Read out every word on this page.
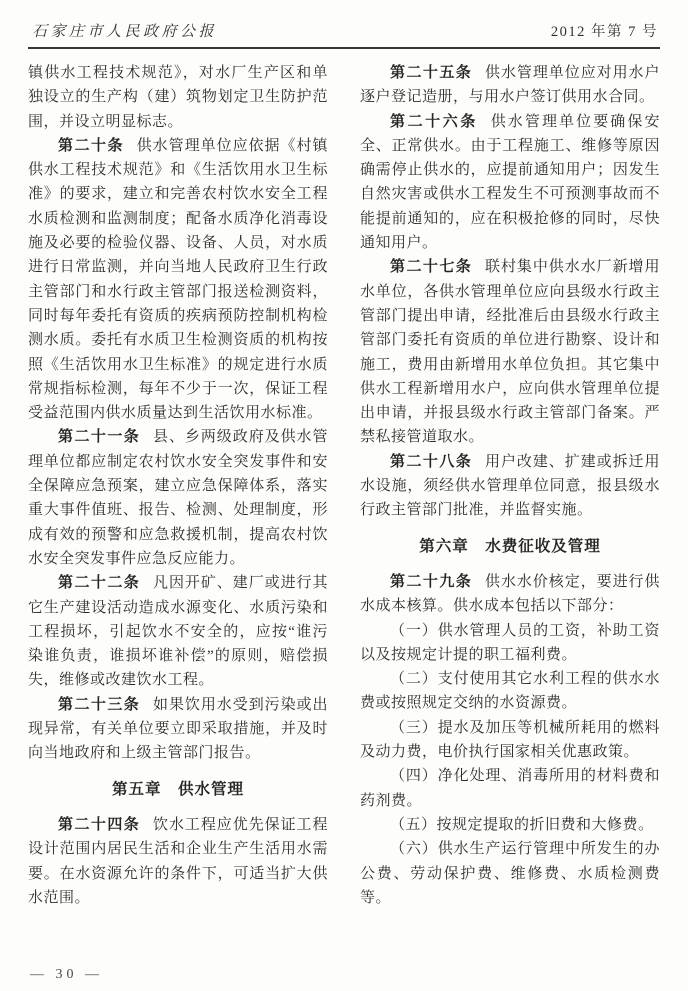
石家庄市人民政府公报	2012 年第 7 号

镇供水工程技术规范》，对水厂生产区和单独设立的生产构（建）筑物划定卫生防护范围，并设立明显标志。

第二十条 供水管理单位应依据《村镇供水工程技术规范》和《生活饮用水卫生标准》的要求，建立和完善农村饮水安全工程水质检测和监测制度；配备水质净化消毒设施及必要的检验仪器、设备、人员，对水质进行日常监测，并向当地人民政府卫生行政主管部门和水行政主管部门报送检测资料，同时每年委托有资质的疾病预防控制机构检测水质。委托有水质卫生检测资质的机构按照《生活饮用水卫生标准》的规定进行水质常规指标检测，每年不少于一次，保证工程受益范围内供水质量达到生活饮用水标准。

第二十一条 县、乡两级政府及供水管理单位都应制定农村饮水安全突发事件和安全保障应急预案，建立应急保障体系，落实重大事件值班、报告、检测、处理制度，形成有效的预警和应急救援机制，提高农村饮水安全突发事件应急反应能力。

第二十二条 凡因开矿、建厂或进行其它生产建设活动造成水源变化、水质污染和工程损坏，引起饮水不安全的，应按“谁污染谁负责，谁损坏谁补偿”的原则，赔偿损失，维修或改建饮水工程。

第二十三条 如果饮用水受到污染或出现异常，有关单位要立即采取措施，并及时向当地政府和上级主管部门报告。

第五章　供水管理

第二十四条 饮水工程应优先保证工程设计范围内居民生活和企业生产生活用水需要。在水资源允许的条件下，可适当扩大供水范围。

第二十五条 供水管理单位应对用水户逐户登记造册，与用水户签订供用水合同。

第二十六条 供水管理单位要确保安全、正常供水。由于工程施工、维修等原因确需停止供水的，应提前通知用户；因发生自然灾害或供水工程发生不可预测事故而不能提前通知的，应在积极抢修的同时，尽快通知用户。

第二十七条 联村集中供水水厂新增用水单位，各供水管理单位应向县级水行政主管部门提出申请，经批准后由县级水行政主管部门委托有资质的单位进行勘察、设计和施工，费用由新增用水单位负担。其它集中供水工程新增用水户，应向供水管理单位提出申请，并报县级水行政主管部门备案。严禁私接管道取水。

第二十八条 用户改建、扩建或拆迁用水设施，须经供水管理单位同意，报县级水行政主管部门批准，并监督实施。

第六章　水费征收及管理

第二十九条 供水水价核定，要进行供水成本核算。供水成本包括以下部分：

（一）供水管理人员的工资，补助工资以及按规定计提的职工福利费。

（二）支付使用其它水利工程的供水水费或按照规定交纳的水资源费。

（三）提水及加压等机械所耗用的燃料及动力费，电价执行国家相关优惠政策。

（四）净化处理、消毒所用的材料费和药剂费。

（五）按规定提取的折旧费和大修费。

（六）供水生产运行管理中所发生的办公费、劳动保护费、维修费、水质检测费等。

— 30 —
